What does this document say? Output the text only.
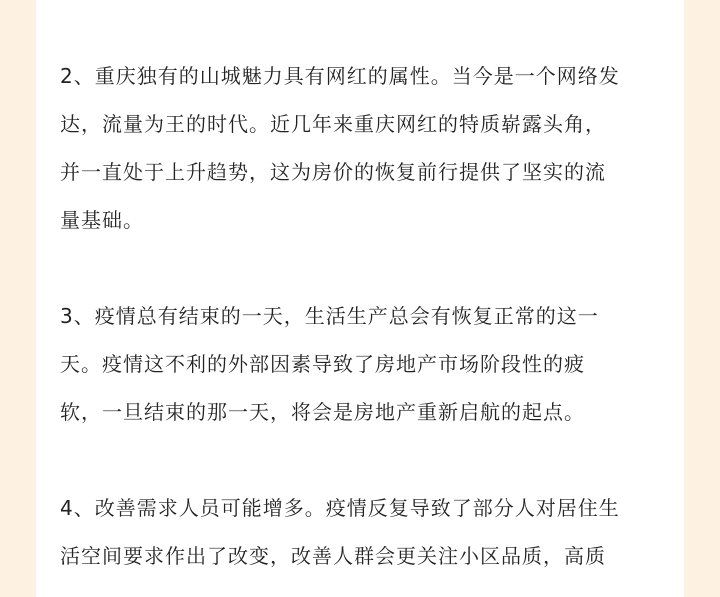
2、重庆独有的山城魅力具有网红的属性。当今是一个网络发
达，流量为王的时代。近几年来重庆网红的特质崭露头角，
并一直处于上升趋势，这为房价的恢复前行提供了坚实的流
量基础。

3、疫情总有结束的一天，生活生产总会有恢复正常的这一
天。疫情这不利的外部因素导致了房地产市场阶段性的疲
软，一旦结束的那一天，将会是房地产重新启航的起点。

4、改善需求人员可能增多。疫情反复导致了部分人对居住生
活空间要求作出了改变，改善人群会更关注小区品质，高质
